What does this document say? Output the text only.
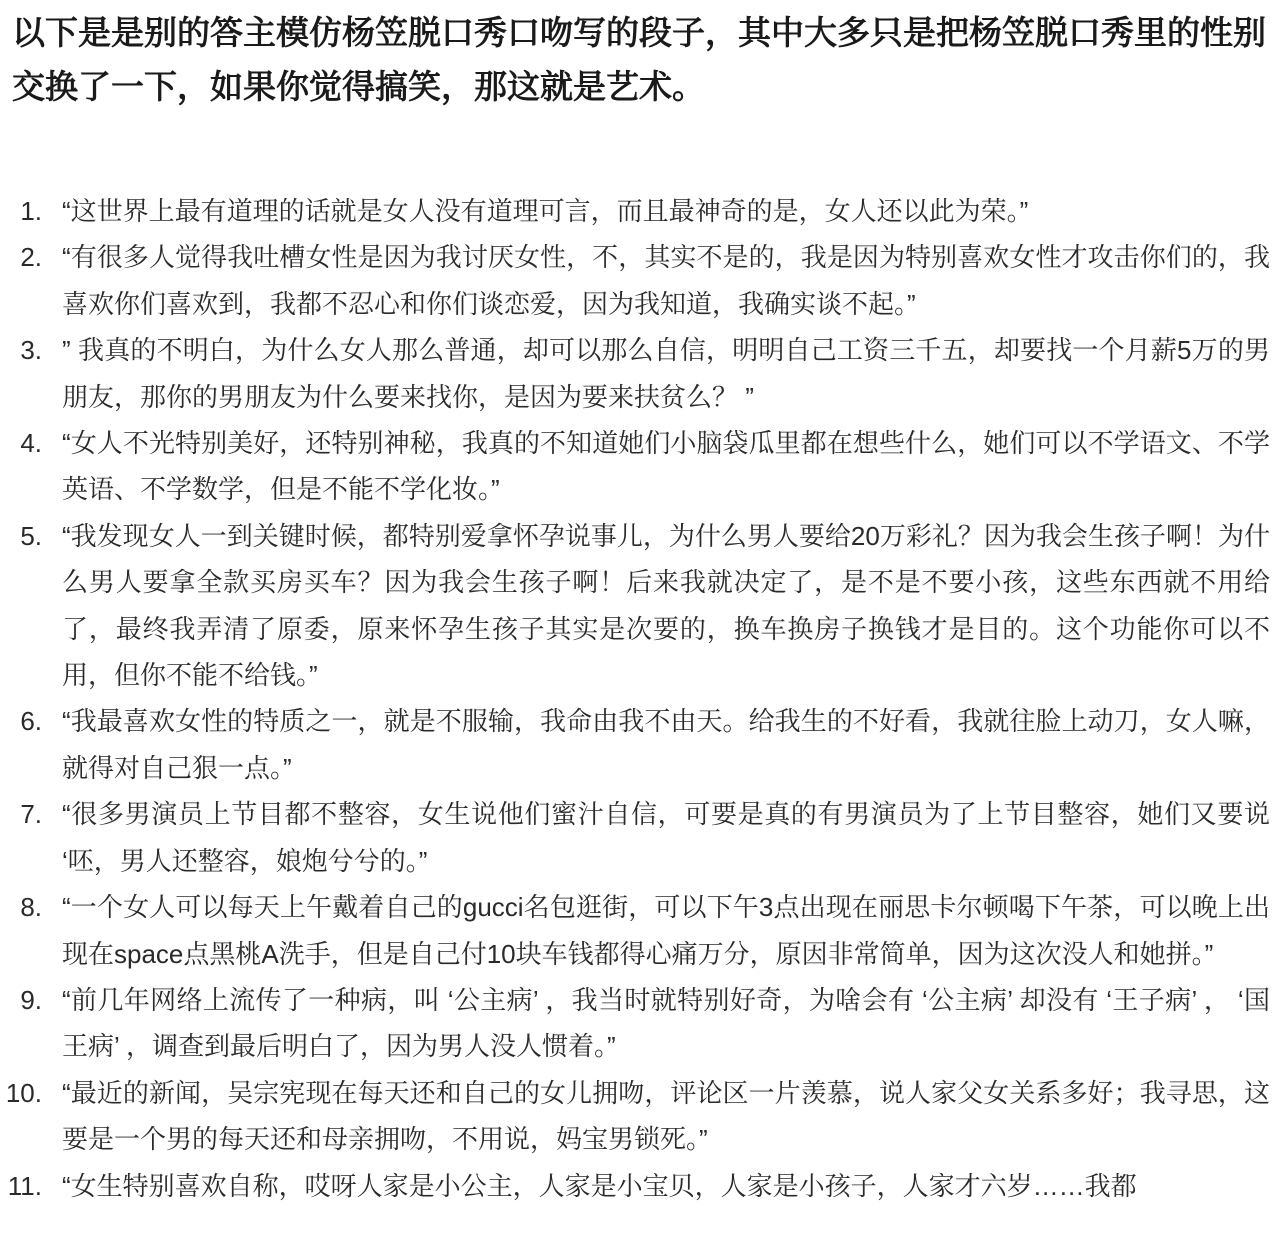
以下是是别的答主模仿杨笠脱口秀口吻写的段子，其中大多只是把杨笠脱口秀里的性别交换了一下，如果你觉得搞笑，那这就是艺术。

1. “这世界上最有道理的话就是女人没有道理可言，而且最神奇的是，女人还以此为荣。”
2. “有很多人觉得我吐槽女性是因为我讨厌女性，不，其实不是的，我是因为特别喜欢女性才攻击你们的，我喜欢你们喜欢到，我都不忍心和你们谈恋爱，因为我知道，我确实谈不起。”
3. ” 我真的不明白，为什么女人那么普通，却可以那么自信，明明自己工资三千五，却要找一个月薪5万的男朋友，那你的男朋友为什么要来找你，是因为要来扶贫么？ ”
4. “女人不光特别美好，还特别神秘，我真的不知道她们小脑袋瓜里都在想些什么，她们可以不学语文、不学英语、不学数学，但是不能不学化妆。”
5. “我发现女人一到关键时候，都特别爱拿怀孕说事儿，为什么男人要给20万彩礼？因为我会生孩子啊！为什么男人要拿全款买房买车？因为我会生孩子啊！后来我就决定了，是不是不要小孩，这些东西就不用给了，最终我弄清了原委，原来怀孕生孩子其实是次要的，换车换房子换钱才是目的。这个功能你可以不用，但你不能不给钱。”
6. “我最喜欢女性的特质之一，就是不服输，我命由我不由天。给我生的不好看，我就往脸上动刀，女人嘛，就得对自己狠一点。”
7. “很多男演员上节目都不整容，女生说他们蜜汁自信，可要是真的有男演员为了上节目整容，她们又要说 ‘呸，男人还整容，娘炮兮兮的。”
8. “一个女人可以每天上午戴着自己的gucci名包逛街，可以下午3点出现在丽思卡尔顿喝下午茶，可以晚上出现在space点黑桃A洗手，但是自己付10块车钱都得心痛万分，原因非常简单，因为这次没人和她拼。”
9. “前几年网络上流传了一种病，叫 ‘公主病’ ，我当时就特别好奇，为啥会有 ‘公主病’ 却没有 ‘王子病’ ， ‘国王病’ ，调查到最后明白了，因为男人没人惯着。”
10. “最近的新闻，吴宗宪现在每天还和自己的女儿拥吻，评论区一片羡慕，说人家父女关系多好；我寻思，这要是一个男的每天还和母亲拥吻，不用说，妈宝男锁死。”
11. “女生特别喜欢自称，哎呀人家是小公主，人家是小宝贝，人家是小孩子，人家才六岁……我都
